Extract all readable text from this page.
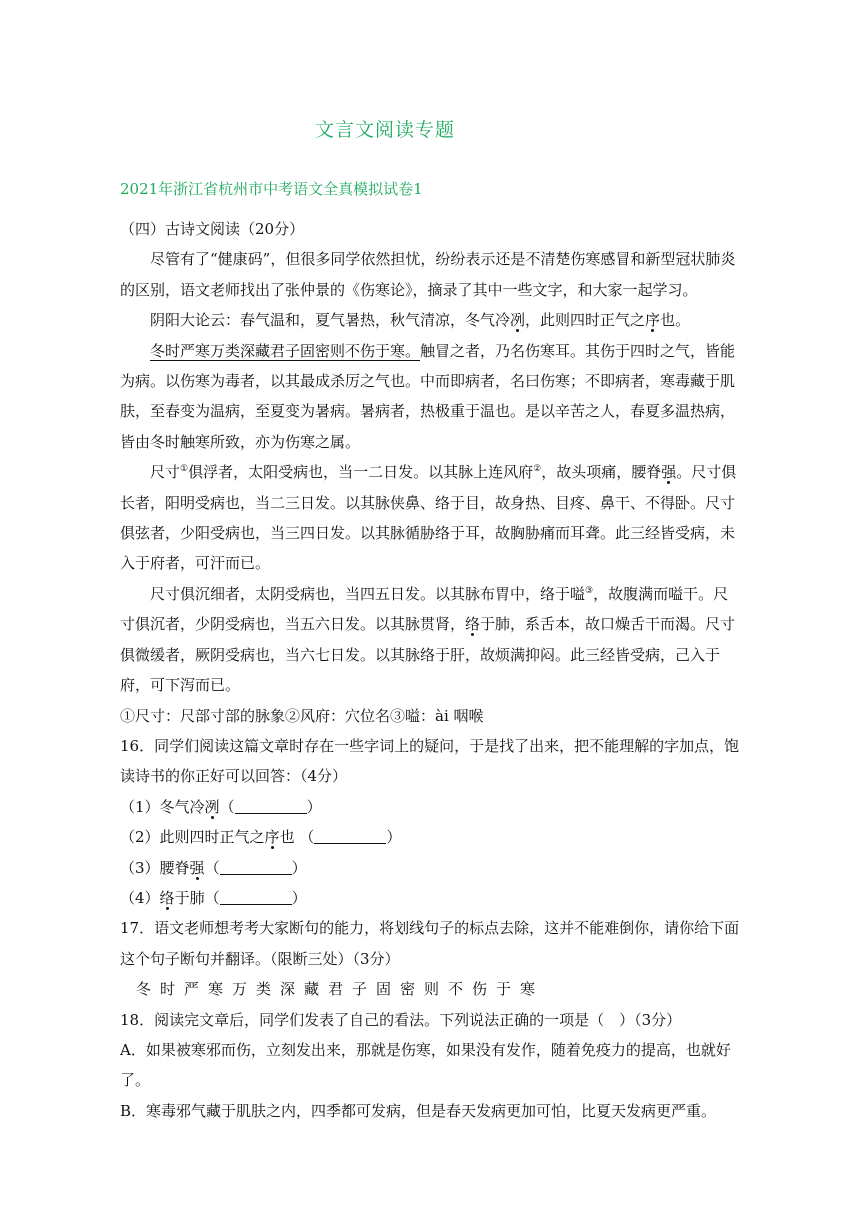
文言文阅读专题
2021年浙江省杭州市中考语文全真模拟试卷1

（四）古诗文阅读（20分）

尽管有了“健康码”，但很多同学依然担忧，纷纷表示还是不清楚伤寒感冒和新型冠状肺炎的区别，语文老师找出了张仲景的《伤寒论》，摘录了其中一些文字，和大家一起学习。

阴阳大论云：春气温和，夏气暑热，秋气清凉，冬气冷冽，此则四时正气之序也。

冬时严寒万类深藏君子固密则不伤于寒。触冒之者，乃名伤寒耳。其伤于四时之气，皆能为病。以伤寒为毒者，以其最成杀厉之气也。中而即病者，名曰伤寒；不即病者，寒毒藏于肌肤，至春变为温病，至夏变为暑病。暑病者，热极重于温也。是以辛苦之人，春夏多温热病，皆由冬时触寒所致，亦为伤寒之属。

尺寸①俱浮者，太阳受病也，当一二日发。以其脉上连风府②，故头项痛，腰脊强。尺寸俱长者，阳明受病也，当二三日发。以其脉侠鼻、络于目，故身热、目疼、鼻干、不得卧。尺寸俱弦者，少阳受病也，当三四日发。以其脉循胁络于耳，故胸胁痛而耳聋。此三经皆受病，未入于府者，可汗而已。

尺寸俱沉细者，太阴受病也，当四五日发。以其脉布胃中，络于嗌③，故腹满而嗌干。尺寸俱沉者，少阴受病也，当五六日发。以其脉贯肾，络于肺，系舌本，故口燥舌干而渴。尺寸俱微缓者，厥阴受病也，当六七日发。以其脉络于肝，故烦满抑闷。此三经皆受病，己入于府，可下泻而已。

①尺寸：尺部寸部的脉象②风府：穴位名③嗌：ài 咽喉

16．同学们阅读这篇文章时存在一些字词上的疑问，于是找了出来，把不能理解的字加点，饱读诗书的你正好可以回答：（4分）

（1）冬气冷冽（	）

（2）此则四时正气之序也 （	）

（3）腰脊强（	）

（4）络于肺（	）

17．语文老师想考考大家断句的能力，将划线句子的标点去除，这并不能难倒你，请你给下面这个句子断句并翻译。（限断三处）（3分）

冬时严寒万类深藏君子固密则不伤于寒

18．阅读完文章后，同学们发表了自己的看法。下列说法正确的一项是（　）（3分）

A．如果被寒邪而伤，立刻发出来，那就是伤寒，如果没有发作，随着免疫力的提高，也就好了。

B．寒毒邪气藏于肌肤之内，四季都可发病，但是春天发病更加可怕，比夏天发病更严重。
